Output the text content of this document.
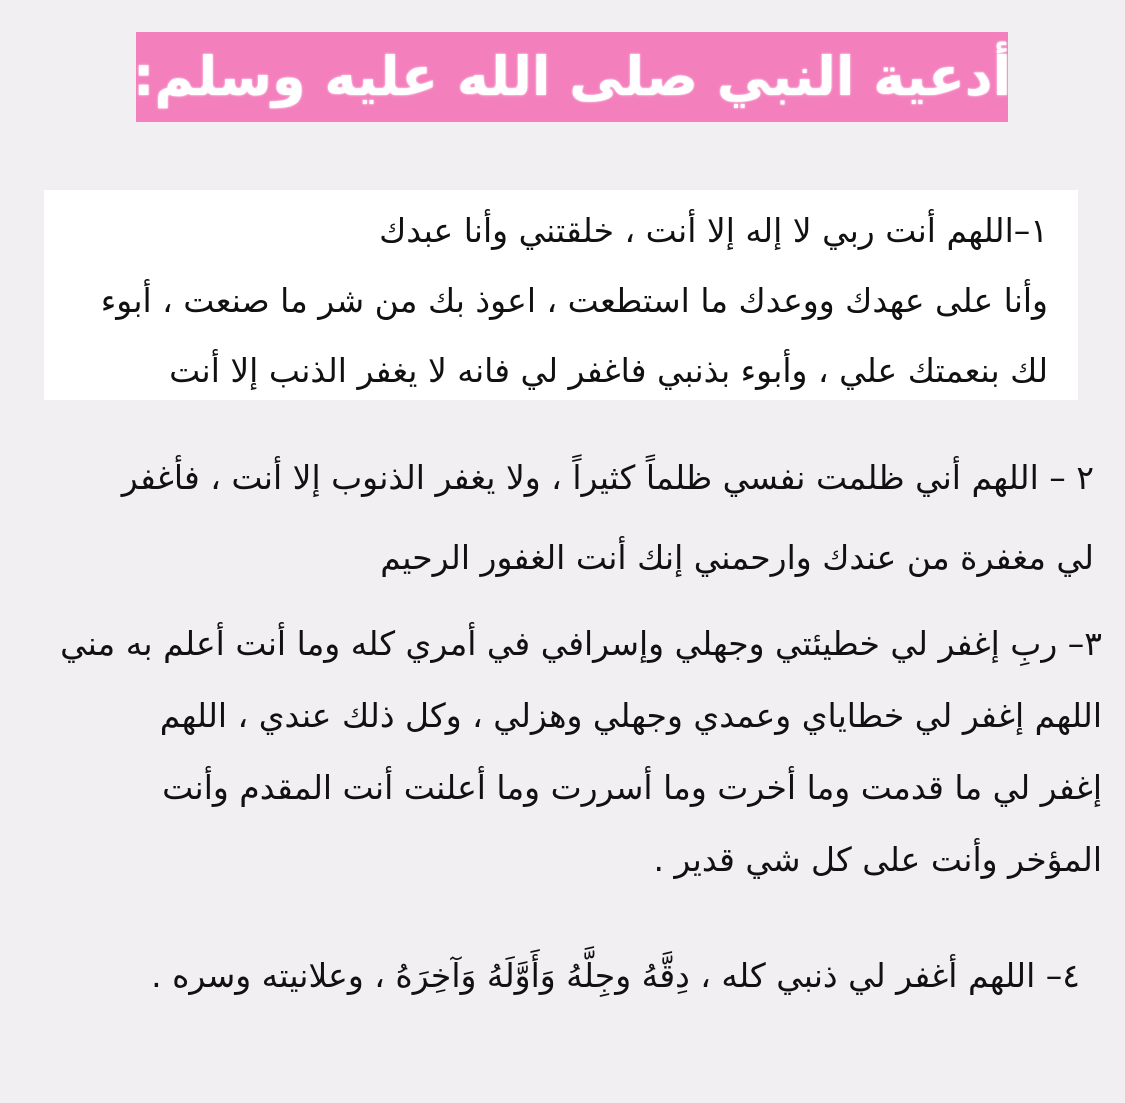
أدعية النبي صلى الله عليه وسلم:
١–اللهم أنت ربي لا إله إلا أنت ، خلقتني وأنا عبدك
وأنا على عهدك ووعدك ما استطعت ، اعوذ بك من شر ما صنعت ، أبوء
لك بنعمتك علي ، وأبوء بذنبي فاغفر لي فانه لا يغفر الذنب إلا أنت
٢ – اللهم أني ظلمت نفسي ظلماً كثيراً ، ولا يغفر الذنوب إلا أنت ، فأغفر
لي مغفرة من عندك وارحمني إنك أنت الغفور الرحيم
٣– ربِ إغفر لي خطيئتي وجهلي وإسرافي في أمري كله وما أنت أعلم به مني
اللهم إغفر لي خطاياي وعمدي وجهلي وهزلي ، وكل ذلك عندي ، اللهم
إغفر لي ما قدمت وما أخرت وما أسررت وما أعلنت أنت المقدم وأنت
المؤخر وأنت على كل شي قدير .
٤– اللهم أغفر لي ذنبي كله ، دِقَّهُ وجِلَّهُ وَأَوَّلَهُ وَآخِرَهُ ، وعلانيته وسره .
